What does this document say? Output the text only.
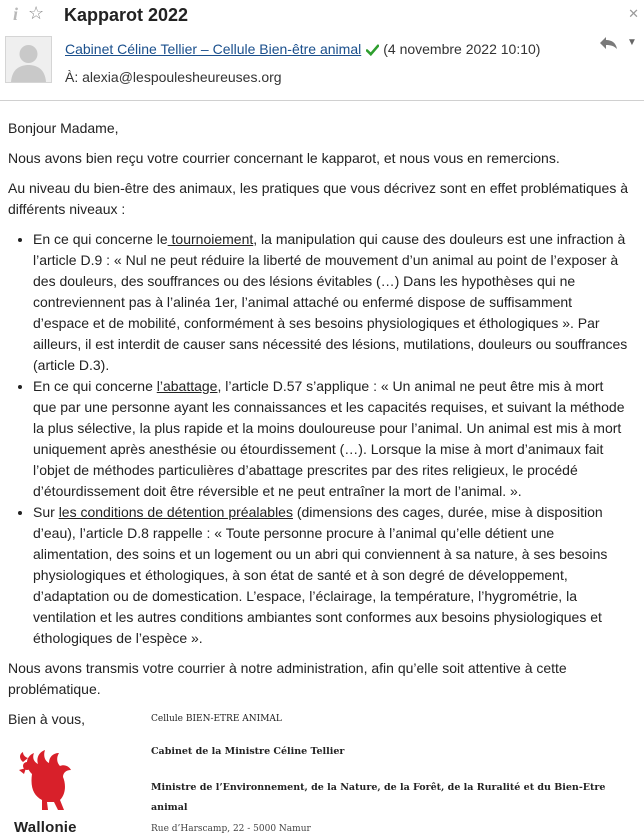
i ☆ Kapparot 2022	✕
Cabinet Céline Tellier – Cellule Bien-être animal (4 novembre 2022 10:10)
À: alexia@lespoulesheureuses.org
▼

Bonjour Madame,

Nous avons bien reçu votre courrier concernant le kapparot, et nous vous en remercions.

Au niveau du bien-être des animaux, les pratiques que vous décrivez sont en effet problématiques à différents niveaux :

• En ce qui concerne le tournoiement, la manipulation qui cause des douleurs est une infraction à l’article D.9 : « Nul ne peut réduire la liberté de mouvement d’un animal au point de l’exposer à des douleurs, des souffrances ou des lésions évitables (…) Dans les hypothèses qui ne contreviennent pas à l’alinéa 1er, l’animal attaché ou enfermé dispose de suffisamment d’espace et de mobilité, conformément à ses besoins physiologiques et éthologiques ». Par ailleurs, il est interdit de causer sans nécessité des lésions, mutilations, douleurs ou souffrances (article D.3).
• En ce qui concerne l’abattage, l’article D.57 s’applique : « Un animal ne peut être mis à mort que par une personne ayant les connaissances et les capacités requises, et suivant la méthode la plus sélective, la plus rapide et la moins douloureuse pour l’animal. Un animal est mis à mort uniquement après anesthésie ou étourdissement (…). Lorsque la mise à mort d’animaux fait l’objet de méthodes particulières d’abattage prescrites par des rites religieux, le procédé d’étourdissement doit être réversible et ne peut entraîner la mort de l’animal. ».
• Sur les conditions de détention préalables (dimensions des cages, durée, mise à disposition d’eau), l’article D.8 rappelle : « Toute personne procure à l’animal qu’elle détient une alimentation, des soins et un logement ou un abri qui conviennent à sa nature, à ses besoins physiologiques et éthologiques, à son état de santé et à son degré de développement, d’adaptation ou de domestication. L’espace, l’éclairage, la température, l’hygrométrie, la ventilation et les autres conditions ambiantes sont conformes aux besoins physiologiques et éthologiques de l’espèce ».

Nous avons transmis votre courrier à notre administration, afin qu’elle soit attentive à cette problématique.

Bien à vous,

Wallonie
Cellule BIEN-ETRE ANIMAL
Cabinet de la Ministre Céline Tellier
Ministre de l’Environnement, de la Nature, de la Forêt, de la Ruralité et du Bien-Etre
animal
Rue d’Harscamp, 22 - 5000 Namur
